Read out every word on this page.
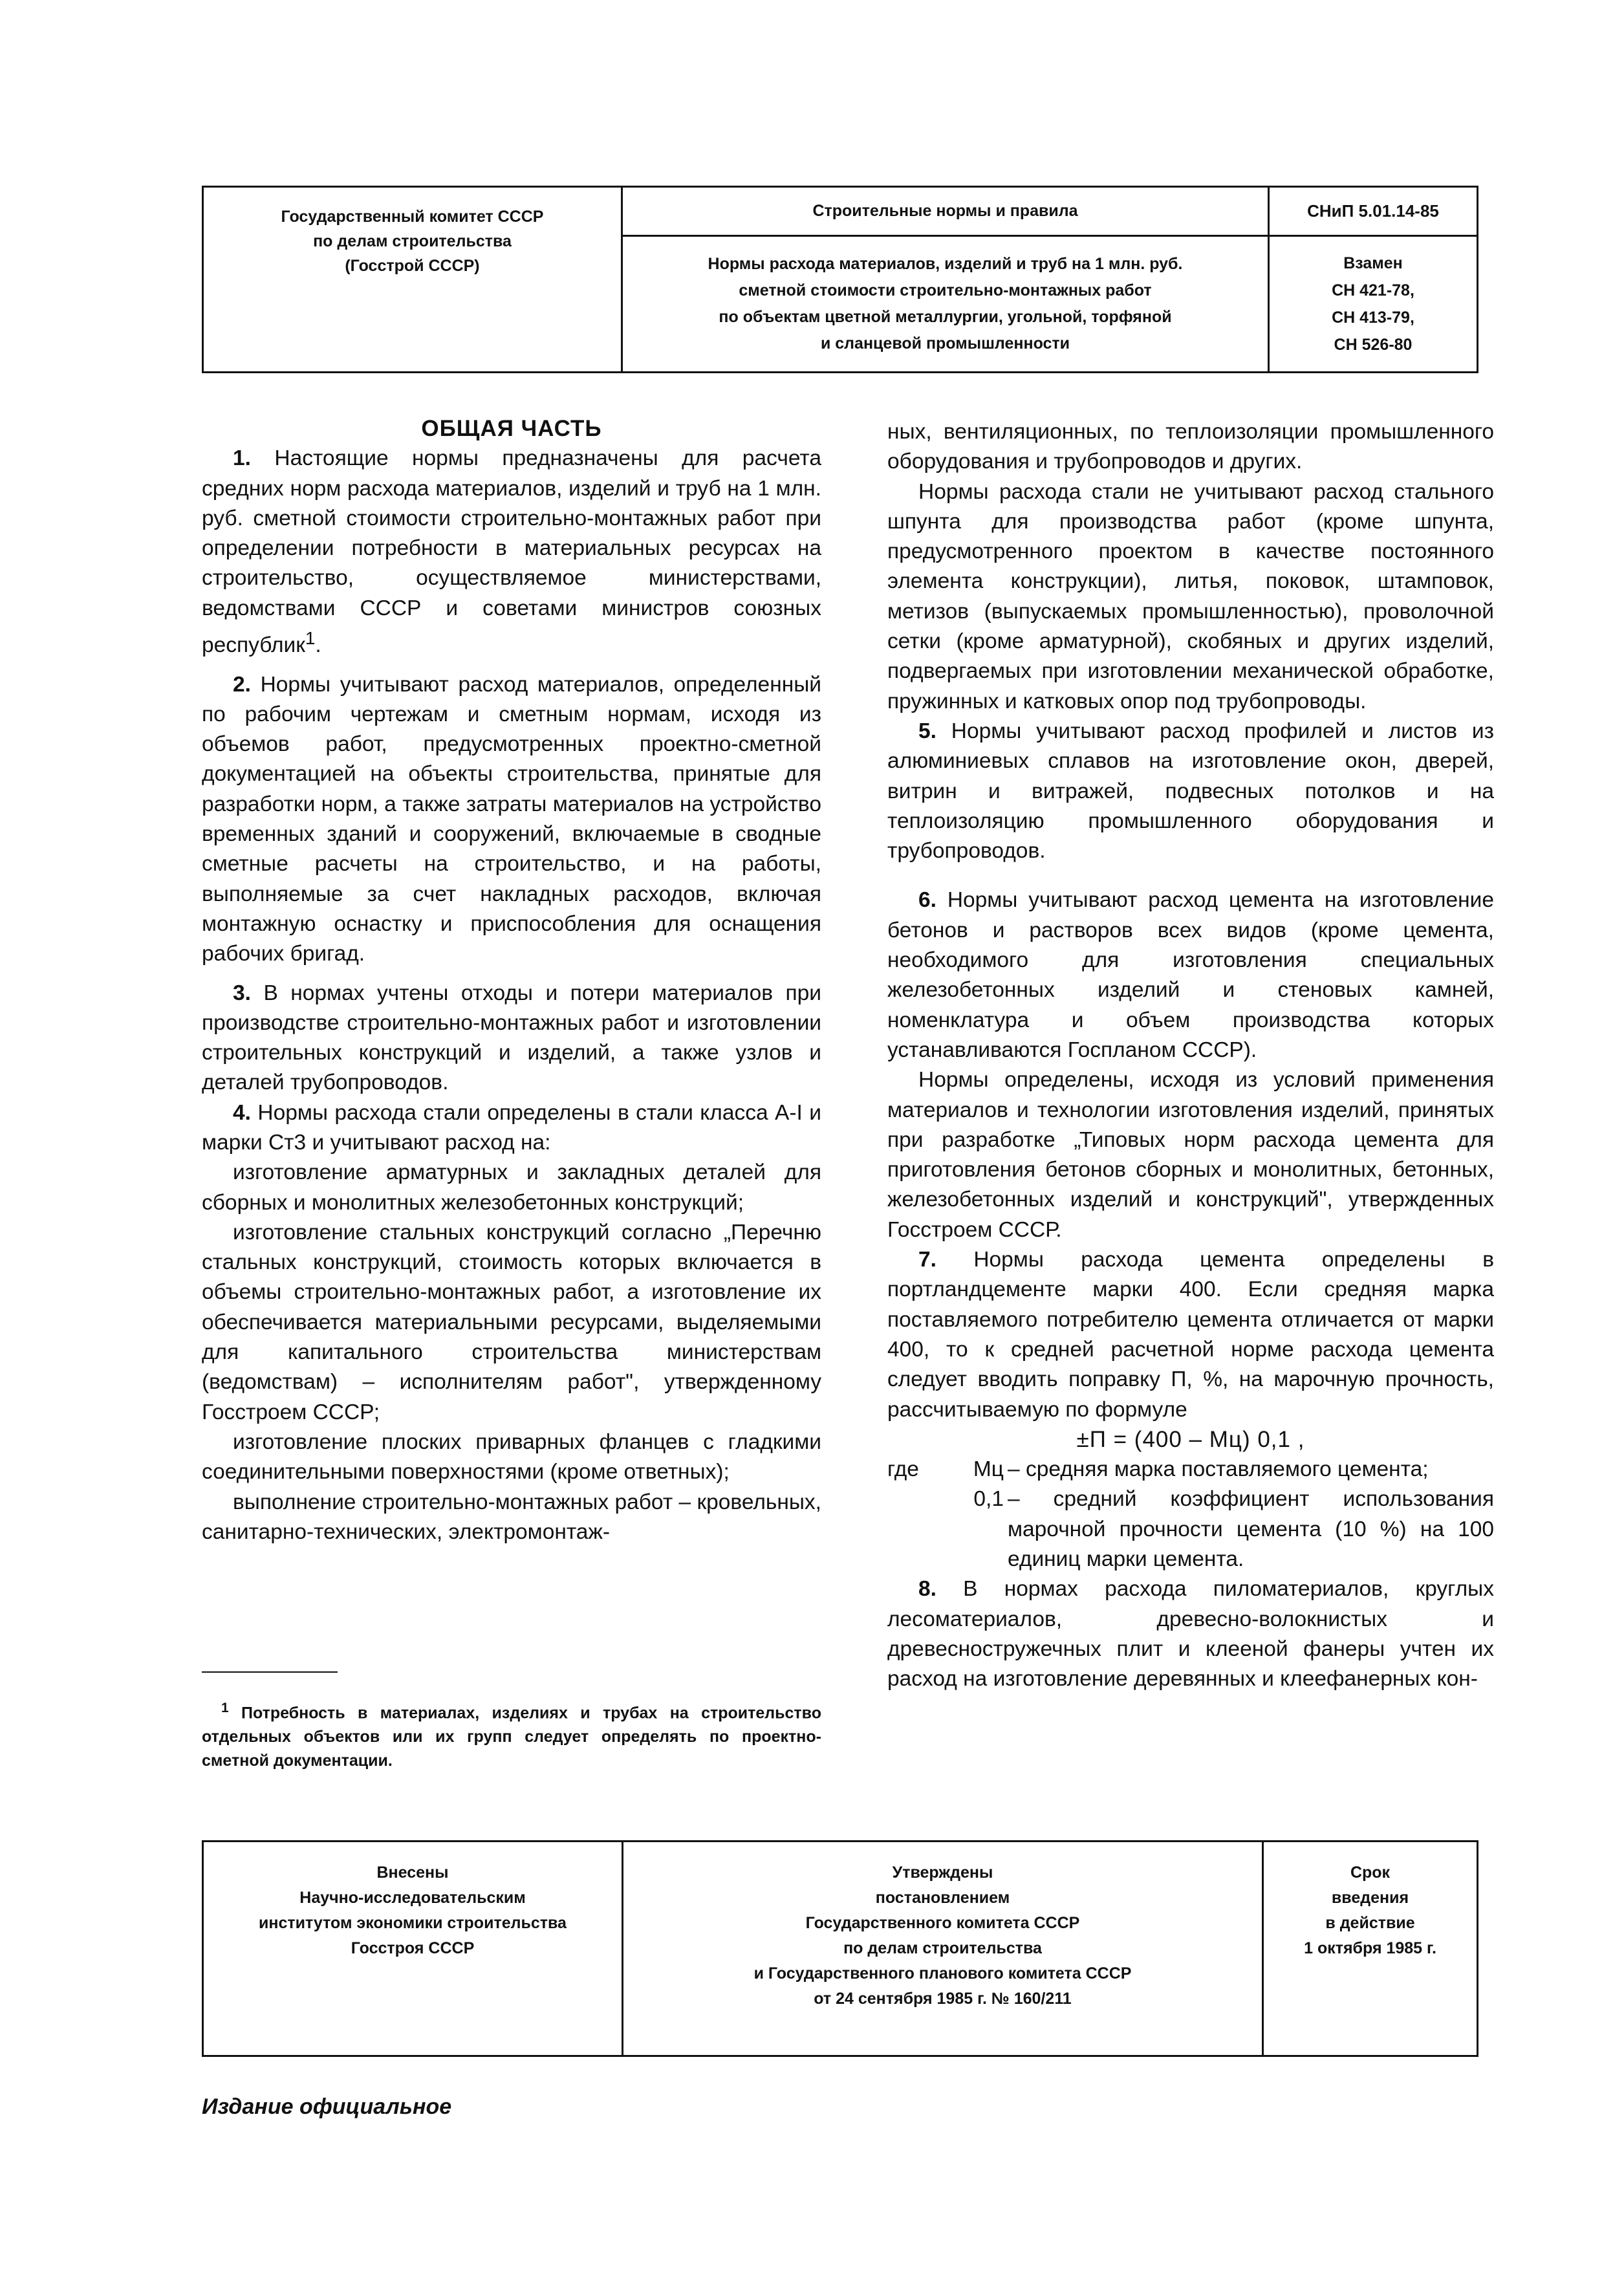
Государственный комитет СССР
по делам строительства
(Госстрой СССР)
Строительные нормы и правила
Нормы расхода материалов, изделий и труб на 1 млн. руб.
сметной стоимости строительно-монтажных работ
по объектам цветной металлургии, угольной, торфяной
и сланцевой промышленности
СНиП 5.01.14-85
Взамен
СН 421-78,
СН 413-79,
СН 526-80

ОБЩАЯ ЧАСТЬ

1. Настоящие нормы предназначены для расчета средних норм расхода материалов, изделий и труб на 1 млн. руб. сметной стоимости строительно-монтажных работ при определении потребности в материальных ресурсах на строительство, осуществляемое министерствами, ведомствами СССР и советами министров союзных республик$^1$.

2. Нормы учитывают расход материалов, определенный по рабочим чертежам и сметным нормам, исходя из объемов работ, предусмотренных проектно-сметной документацией на объекты строительства, принятые для разработки норм, а также затраты материалов на устройство временных зданий и сооружений, включаемые в сводные сметные расчеты на строительство, и на работы, выполняемые за счет накладных расходов, включая монтажную оснастку и приспособления для оснащения рабочих бригад.

3. В нормах учтены отходы и потери материалов при производстве строительно-монтажных работ и изготовлении строительных конструкций и изделий, а также узлов и деталей трубопроводов.

4. Нормы расхода стали определены в стали класса A-I и марки Ст3 и учитывают расход на:

изготовление арматурных и закладных деталей для сборных и монолитных железобетонных конструкций;

изготовление стальных конструкций согласно „Перечню стальных конструкций, стоимость которых включается в объемы строительно-монтажных работ, а изготовление их обеспечивается материальными ресурсами, выделяемыми для капитального строительства министерствам (ведомствам) – исполнителям работ", утвержденному Госстроем СССР;

изготовление плоских приварных фланцев с гладкими соединительными поверхностями (кроме ответных);

выполнение строительно-монтажных работ – кровельных, санитарно-технических, электромонтаж-

$^1$ Потребность в материалах, изделиях и трубах на строительство отдельных объектов или их групп следует определять по проектно-сметной документации.

ных, вентиляционных, по теплоизоляции промышленного оборудования и трубопроводов и других.

Нормы расхода стали не учитывают расход стального шпунта для производства работ (кроме шпунта, предусмотренного проектом в качестве постоянного элемента конструкции), литья, поковок, штамповок, метизов (выпускаемых промышленностью), проволочной сетки (кроме арматурной), скобяных и других изделий, подвергаемых при изготовлении механической обработке, пружинных и катковых опор под трубопроводы.

5. Нормы учитывают расход профилей и листов из алюминиевых сплавов на изготовление окон, дверей, витрин и витражей, подвесных потолков и на теплоизоляцию промышленного оборудования и трубопроводов.

6. Нормы учитывают расход цемента на изготовление бетонов и растворов всех видов (кроме цемента, необходимого для изготовления специальных железобетонных изделий и стеновых камней, номенклатура и объем производства которых устанавливаются Госпланом СССР).

Нормы определены, исходя из условий применения материалов и технологии изготовления изделий, принятых при разработке „Типовых норм расхода цемента для приготовления бетонов сборных и монолитных, бетонных, железобетонных изделий и конструкций", утвержденных Госстроем СССР.

7. Нормы расхода цемента определены в портландцементе марки 400. Если средняя марка поставляемого потребителю цемента отличается от марки 400, то к средней расчетной норме расхода цемента следует вводить поправку П, %, на марочную прочность, рассчитываемую по формуле

±П = (400 – Mц) 0,1 ,

где	Mц – средняя марка поставляемого цемента;
0,1 – средний коэффициент использования марочной прочности цемента (10 %) на 100 единиц марки цемента.

8. В нормах расхода пиломатериалов, круглых лесоматериалов, древесно-волокнистых и древесностружечных плит и клееной фанеры учтен их расход на изготовление деревянных и клеефанерных кон-

Внесены
Научно-исследовательским
институтом экономики строительства
Госстроя СССР
Утверждены
постановлением
Государственного комитета СССР
по делам строительства
и Государственного планового комитета СССР
от 24 сентября 1985 г. № 160/211
Срок
введения
в действие
1 октября 1985 г.
Издание официальное
